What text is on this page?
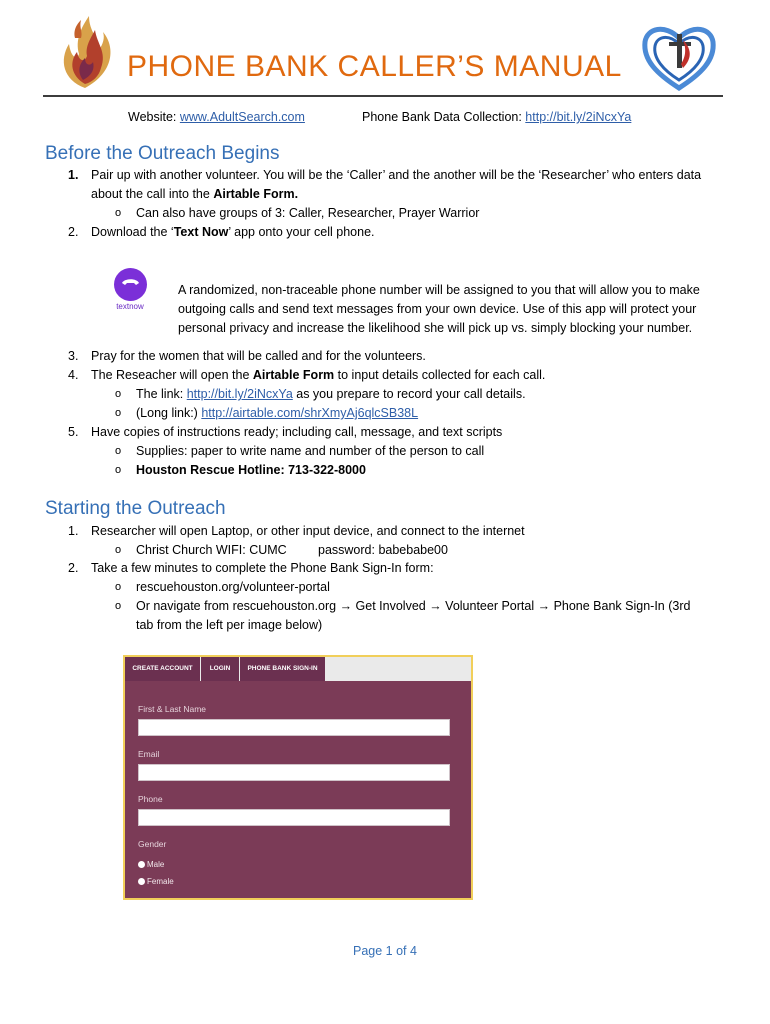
PHONE BANK CALLER’S MANUAL
Website: www.AdultSearch.com	Phone Bank Data Collection: http://bit.ly/2iNcxYa
Before the Outreach Begins
1. Pair up with another volunteer. You will be the ‘Caller’ and the another will be the ‘Researcher’ who enters data
about the call into the Airtable Form.
o Can also have groups of 3: Caller, Researcher, Prayer Warrior
2. Download the ‘Text Now’ app onto your cell phone.
textnow
A randomized, non-traceable phone number will be assigned to you that will allow you to make
outgoing calls and send text messages from your own device. Use of this app will protect your
personal privacy and increase the likelihood she will pick up vs. simply blocking your number.
3. Pray for the women that will be called and for the volunteers.
4. The Reseacher will open the Airtable Form to input details collected for each call.
o The link: http://bit.ly/2iNcxYa as you prepare to record your call details.
o (Long link:) http://airtable.com/shrXmyAj6qlcSB38L
5. Have copies of instructions ready; including call, message, and text scripts
o Supplies: paper to write name and number of the person to call
o Houston Rescue Hotline: 713-322-8000
Starting the Outreach
1. Researcher will open Laptop, or other input device, and connect to the internet
o Christ Church WIFI: CUMC	password: babebabe00
2. Take a few minutes to complete the Phone Bank Sign-In form:
o rescuehouston.org/volunteer-portal
o Or navigate from rescuehouston.org → Get Involved → Volunteer Portal → Phone Bank Sign-In (3rd
tab from the left per image below)
CREATE ACCOUNT	LOGIN	PHONE BANK SIGN-IN
First & Last Name
Email
Phone
Gender
Male
Female
Page 1 of 4
